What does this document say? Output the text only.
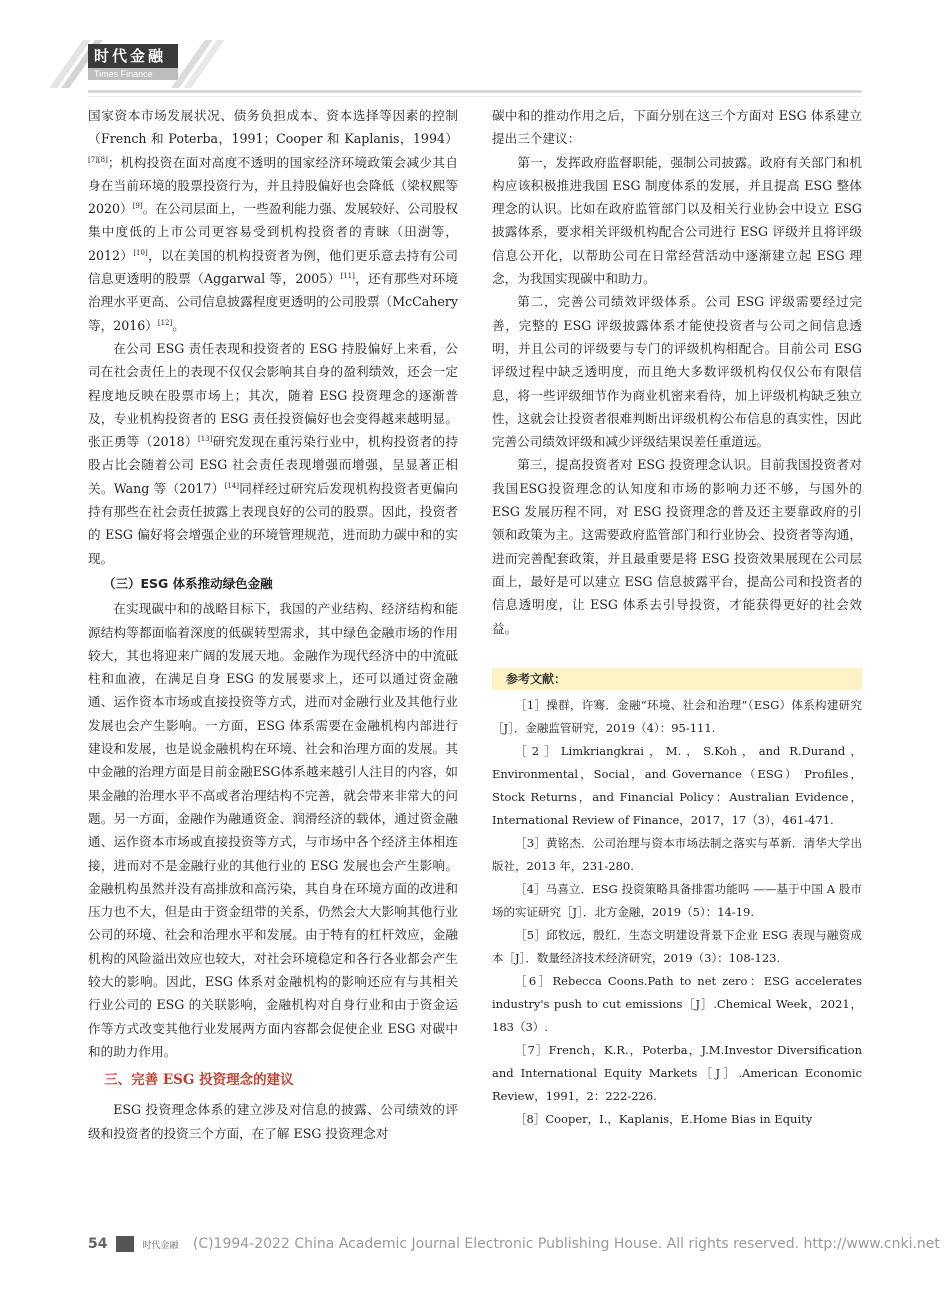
时代金融
Times Finance

国家资本市场发展状况、债务负担成本、资本选择等因素的控制（French 和 Poterba，1991；Cooper 和 Kaplanis，1994）[7][8]；机构投资在面对高度不透明的国家经济环境政策会减少其自身在当前环境的股票投资行为，并且持股偏好也会降低（梁权熙等 2020）[9]。在公司层面上，一些盈利能力强、发展较好、公司股权集中度低的上市公司更容易受到机构投资者的青睐（田澍等，2012）[10]，以在美国的机构投资者为例，他们更乐意去持有公司信息更透明的股票（Aggarwal 等，2005）[11]，还有那些对环境治理水平更高、公司信息披露程度更透明的公司股票（McCahery 等，2016）[12]。

在公司 ESG 责任表现和投资者的 ESG 持股偏好上来看，公司在社会责任上的表现不仅仅会影响其自身的盈利绩效，还会一定程度地反映在股票市场上；其次，随着 ESG 投资理念的逐渐普及，专业机构投资者的 ESG 责任投资偏好也会变得越来越明显。张正勇等（2018）[13]研究发现在重污染行业中，机构投资者的持股占比会随着公司 ESG 社会责任表现增强而增强，呈显著正相关。Wang 等（2017）[14]同样经过研究后发现机构投资者更偏向持有那些在社会责任披露上表现良好的公司的股票。因此，投资者的 ESG 偏好将会增强企业的环境管理规范，进而助力碳中和的实现。

（三）ESG 体系推动绿色金融

在实现碳中和的战略目标下，我国的产业结构、经济结构和能源结构等都面临着深度的低碳转型需求，其中绿色金融市场的作用较大，其也将迎来广阔的发展天地。金融作为现代经济中的中流砥柱和血液，在满足自身 ESG 的发展要求上，还可以通过资金融通、运作资本市场或直接投资等方式，进而对金融行业及其他行业发展也会产生影响。一方面，ESG 体系需要在金融机构内部进行建设和发展，也是说金融机构在环境、社会和治理方面的发展。其中金融的治理方面是目前金融ESG体系越来越引人注目的内容，如果金融的治理水平不高或者治理结构不完善，就会带来非常大的问题。另一方面，金融作为融通资金、润滑经济的载体，通过资金融通、运作资本市场或直接投资等方式，与市场中各个经济主体相连接，进而对不是金融行业的其他行业的 ESG 发展也会产生影响。金融机构虽然并没有高排放和高污染，其自身在环境方面的改进和压力也不大，但是由于资金纽带的关系，仍然会大大影响其他行业公司的环境、社会和治理水平和发展。由于特有的杠杆效应，金融机构的风险溢出效应也较大，对社会环境稳定和各行各业都会产生较大的影响。因此，ESG 体系对金融机构的影响还应有与其相关行业公司的 ESG 的关联影响，金融机构对自身行业和由于资金运作等方式改变其他行业发展两方面内容都会促使企业 ESG 对碳中和的助力作用。

三、完善 ESG 投资理念的建议

ESG 投资理念体系的建立涉及对信息的披露、公司绩效的评级和投资者的投资三个方面，在了解 ESG 投资理念对

碳中和的推动作用之后，下面分别在这三个方面对 ESG 体系建立提出三个建议：

第一，发挥政府监督职能，强制公司披露。政府有关部门和机构应该积极推进我国 ESG 制度体系的发展，并且提高 ESG 整体理念的认识。比如在政府监管部门以及相关行业协会中设立 ESG 披露体系，要求相关评级机构配合公司进行 ESG 评级并且将评级信息公开化，以帮助公司在日常经营活动中逐渐建立起 ESG 理念，为我国实现碳中和助力。

第二，完善公司绩效评级体系。公司 ESG 评级需要经过完善，完整的 ESG 评级披露体系才能使投资者与公司之间信息透明，并且公司的评级要与专门的评级机构相配合。目前公司 ESG 评级过程中缺乏透明度，而且绝大多数评级机构仅仅公布有限信息，将一些评级细节作为商业机密来看待，加上评级机构缺乏独立性，这就会让投资者很难判断出评级机构公布信息的真实性，因此完善公司绩效评级和减少评级结果误差任重道远。

第三，提高投资者对 ESG 投资理念认识。目前我国投资者对我国ESG投资理念的认知度和市场的影响力还不够，与国外的 ESG 发展历程不同，对 ESG 投资理念的普及还主要靠政府的引领和政策为主。这需要政府监管部门和行业协会、投资者等沟通，进而完善配套政策，并且最重要是将 ESG 投资效果展现在公司层面上，最好是可以建立 ESG 信息披露平台，提高公司和投资者的信息透明度，让 ESG 体系去引导投资，才能获得更好的社会效益。

参考文献：

［1］操群，许骞．金融“环境、社会和治理”（ESG）体系构建研究［J］．金融监管研究，2019（4）：95-111.

［2］Limkriangkrai，M.，S.Koh，and R.Durand，Environmental，Social，and Governance（ESG） Profiles，Stock Returns，and Financial Policy：Australian Evidence，International Review of Finance，2017，17（3），461-471.

［3］黄铭杰．公司治理与资本市场法制之落实与革新．清华大学出版社，2013 年，231-280.

［4］马喜立．ESG 投资策略具备排雷功能吗 ——基于中国 A 股市场的实证研究［J］．北方金融，2019（5）：14-19.

［5］邱牧远，殷红．生态文明建设背景下企业 ESG 表现与融资成本［J］．数量经济技术经济研究，2019（3）：108-123.

［6］Rebecca Coons.Path to net zero：ESG accelerates industry's push to cut emissions［J］.Chemical Week，2021，183（3）.

［7］French，K.R.，Poterba，J.M.Investor Diversification and International Equity Markets［J］.American Economic Review，1991，2：222-226.

［8］Cooper，I.，Kaplanis，E.Home Bias in Equity

54	时代金融 (C)1994-2022 China Academic Journal Electronic Publishing House. All rights reserved. http://www.cnki.net
